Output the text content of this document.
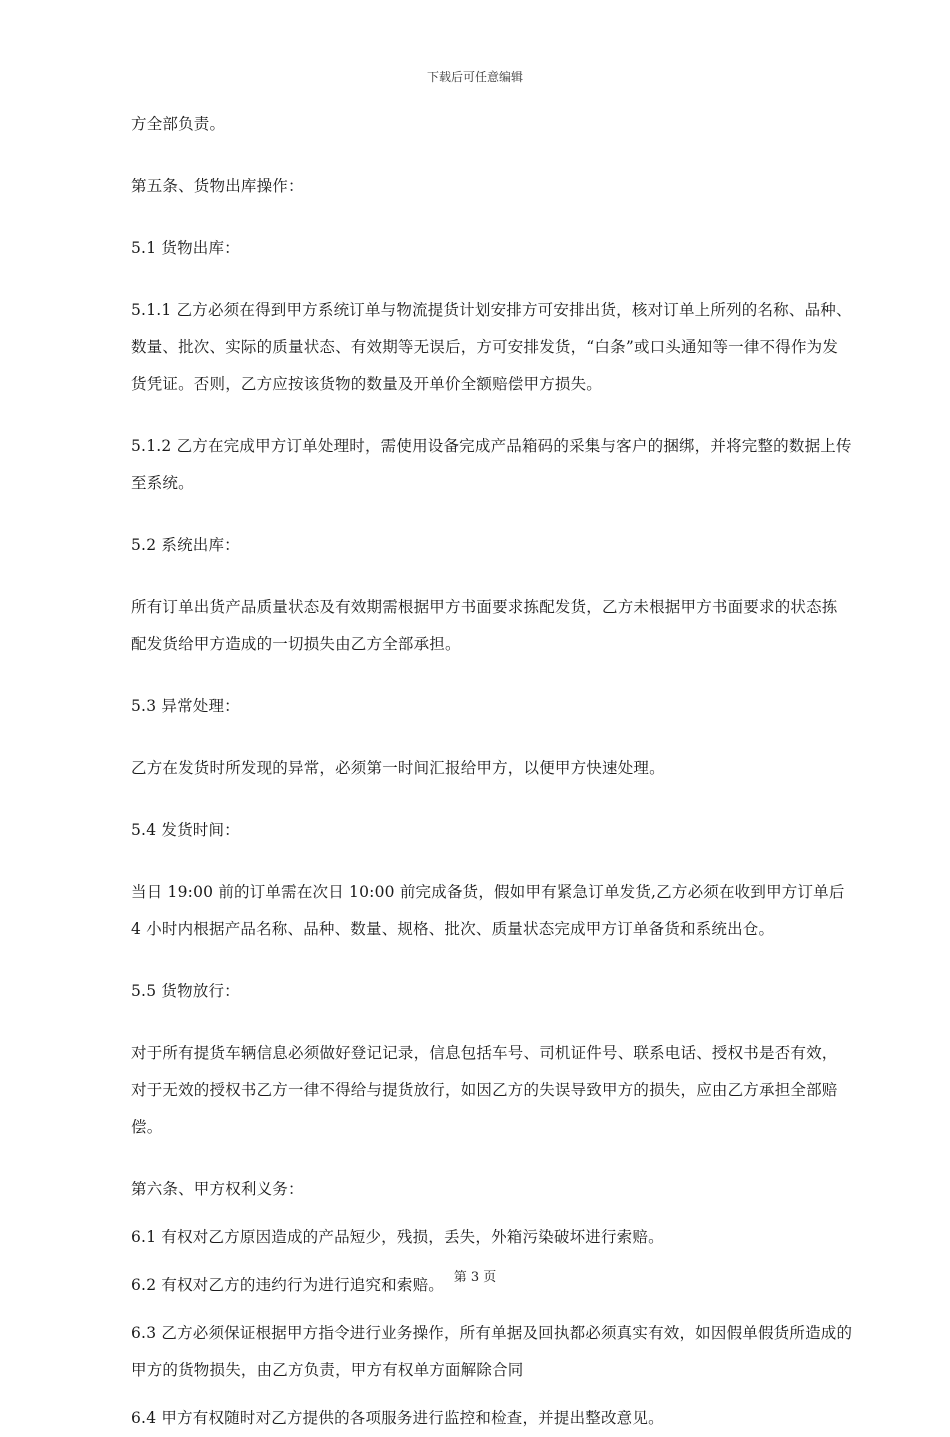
下载后可任意编辑

方全部负责。

第五条、货物出库操作：

5.1 货物出库：

5.1.1 乙方必须在得到甲方系统订单与物流提货计划安排方可安排出货，核对订单上所列的名称、品种、数量、批次、实际的质量状态、有效期等无误后，方可安排发货，“白条”或口头通知等一律不得作为发货凭证。否则，乙方应按该货物的数量及开单价全额赔偿甲方损失。

5.1.2 乙方在完成甲方订单处理时，需使用设备完成产品箱码的采集与客户的捆绑，并将完整的数据上传至系统。

5.2 系统出库：

所有订单出货产品质量状态及有效期需根据甲方书面要求拣配发货，乙方未根据甲方书面要求的状态拣配发货给甲方造成的一切损失由乙方全部承担。

5.3 异常处理：

乙方在发货时所发现的异常，必须第一时间汇报给甲方，以便甲方快速处理。

5.4 发货时间：

当日 19:00 前的订单需在次日 10:00 前完成备货，假如甲有紧急订单发货,乙方必须在收到甲方订单后 4 小时内根据产品名称、品种、数量、规格、批次、质量状态完成甲方订单备货和系统出仓。

5.5 货物放行：

对于所有提货车辆信息必须做好登记记录，信息包括车号、司机证件号、联系电话、授权书是否有效，对于无效的授权书乙方一律不得给与提货放行，如因乙方的失误导致甲方的损失，应由乙方承担全部赔偿。

第六条、甲方权利义务：

6.1 有权对乙方原因造成的产品短少，残损，丢失，外箱污染破坏进行索赔。

6.2 有权对乙方的违约行为进行追究和索赔。

6.3 乙方必须保证根据甲方指令进行业务操作，所有单据及回执都必须真实有效，如因假单假货所造成的甲方的货物损失，由乙方负责，甲方有权单方面解除合同

6.4 甲方有权随时对乙方提供的各项服务进行监控和检查，并提出整改意见。

第 3 页
